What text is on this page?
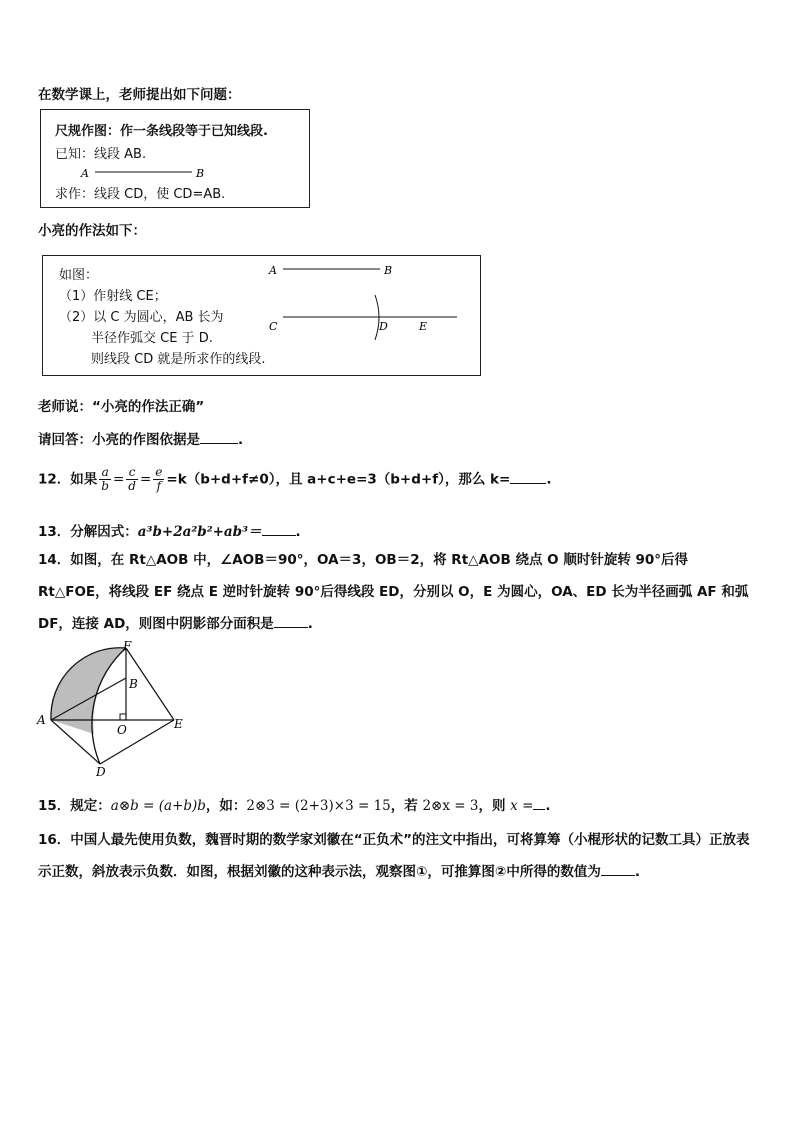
在数学课上，老师提出如下问题：
尺规作图：作一条线段等于已知线段.
已知：线段 AB.
A	B
求作：线段 CD，使 CD=AB.
小亮的作法如下：
如图：
（1）作射线 CE；
（2）以 C 为圆心，AB 长为
半径作弧交 CE 于 D.
则线段 CD 就是所求作的线段.
A	B
C	D	E
老师说：“小亮的作法正确”
请回答：小亮的作图依据是	.
12．如果 $\frac{a}{b} = \frac{c}{d} = \frac{e}{f} =k(b+d+f\ne 0)$，且 a+c+e=3（b+d+f），那么 k=	.
13．分解因式：a³b+2a²b²+ab³＝	.
14．如图，在 Rt△AOB 中，∠AOB＝90°，OA＝3，OB＝2，将 Rt△AOB 绕点 O 顺时针旋转 90°后得 Rt△FOE，将线段 EF 绕点 E 逆时针旋转 90°后得线段 ED，分别以 O，E 为圆心，OA、ED 长为半径画弧 AF 和弧 DF，连接 AD，则图中阴影部分面积是	.
F
B
A
O	E
D
15．规定：a⊗b = (a+b)b，如：2⊗3 = (2+3)×3 = 15，若 2⊗x = 3，则 x = .
16．中国人最先使用负数，魏晋时期的数学家刘徽在“正负术”的注文中指出，可将算筹（小棍形状的记数工具）正放表示正数，斜放表示负数．如图，根据刘徽的这种表示法，观察图①，可推算图②中所得的数值为	.
